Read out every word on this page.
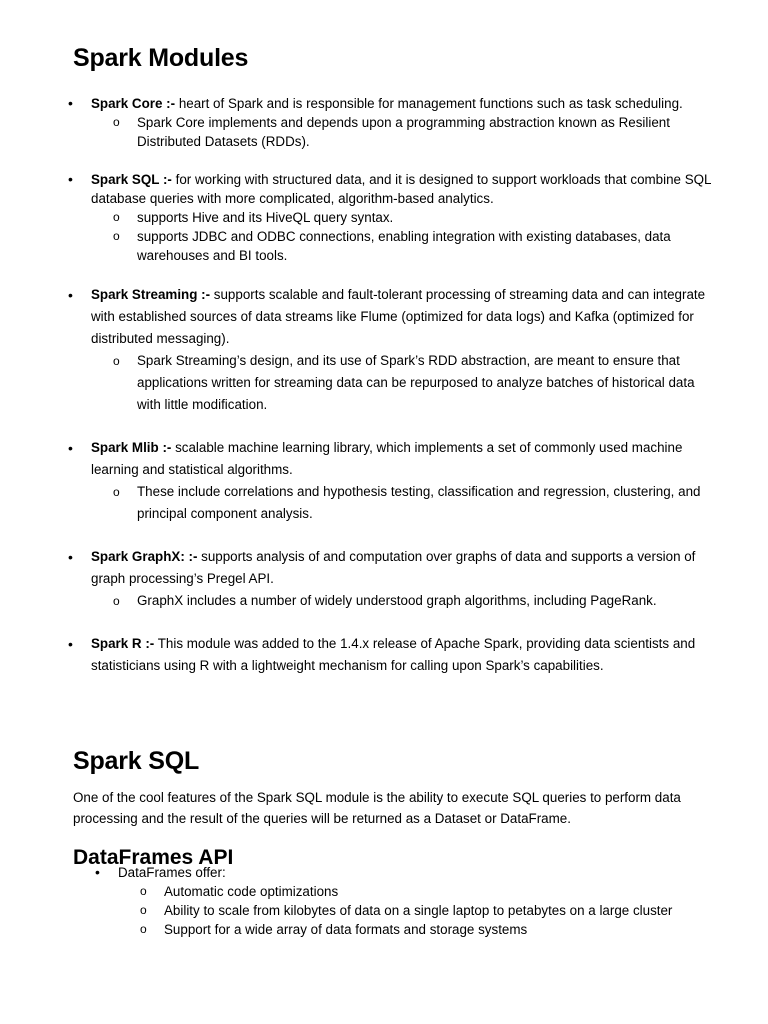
Spark Modules
• Spark Core :- heart of Spark and is responsible for management functions such as task scheduling.
o Spark Core implements and depends upon a programming abstraction known as Resilient Distributed Datasets (RDDs).
• Spark SQL :- for working with structured data, and it is designed to support workloads that combine SQL database queries with more complicated, algorithm-based analytics.
o supports Hive and its HiveQL query syntax.
o supports JDBC and ODBC connections, enabling integration with existing databases, data warehouses and BI tools.
• Spark Streaming :- supports scalable and fault-tolerant processing of streaming data and can integrate with established sources of data streams like Flume (optimized for data logs) and Kafka (optimized for distributed messaging).
o Spark Streaming’s design, and its use of Spark’s RDD abstraction, are meant to ensure that applications written for streaming data can be repurposed to analyze batches of historical data with little modification.
• Spark Mlib :- scalable machine learning library, which implements a set of commonly used machine learning and statistical algorithms.
o These include correlations and hypothesis testing, classification and regression, clustering, and principal component analysis.
• Spark GraphX: :- supports analysis of and computation over graphs of data and supports a version of graph processing’s Pregel API.
o GraphX includes a number of widely understood graph algorithms, including PageRank.
• Spark R :- This module was added to the 1.4.x release of Apache Spark, providing data scientists and statisticians using R with a lightweight mechanism for calling upon Spark’s capabilities.
Spark SQL

One of the cool features of the Spark SQL module is the ability to execute SQL queries to perform data processing and the result of the queries will be returned as a Dataset or DataFrame.

DataFrames API
• DataFrames offer:
o Automatic code optimizations
o Ability to scale from kilobytes of data on a single laptop to petabytes on a large cluster
o Support for a wide array of data formats and storage systems
